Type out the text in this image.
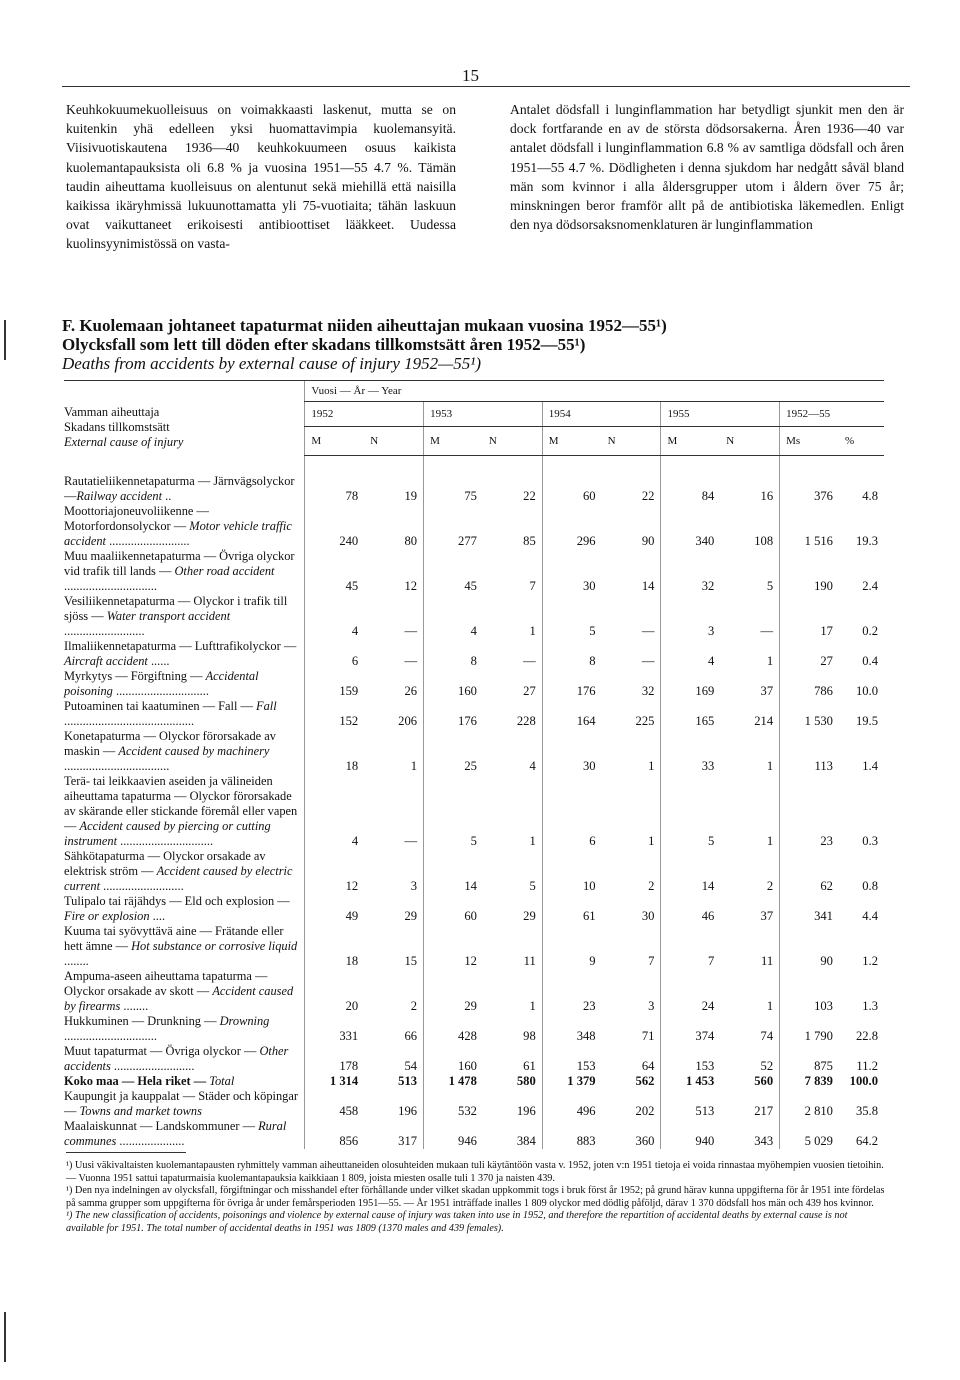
15

Keuhkokuumekuolleisuus on voimakkaasti laskenut, mutta se on kuitenkin yhä edelleen yksi huomattavimpia kuolemansyitä. Viisivuotiskautena 1936—40 keuhkokuumeen osuus kaikista kuolemantapauksista oli 6.8 % ja vuosina 1951—55 4.7 %. Tämän taudin aiheuttama kuolleisuus on alentunut sekä miehillä että naisilla kaikissa ikäryhmissä lukuunottamatta yli 75-vuotiaita; tähän laskuun ovat vaikuttaneet erikoisesti antibioottiset lääkkeet. Uudessa kuolinsyynimistössä on vasta-

Antalet dödsfall i lunginflammation har betydligt sjunkit men den är dock fortfarande en av de största dödsorsakerna. Åren 1936—40 var antalet dödsfall i lunginflammation 6.8 % av samtliga dödsfall och åren 1951—55 4.7 %. Dödligheten i denna sjukdom har nedgått såväl bland män som kvinnor i alla åldersgrupper utom i åldern över 75 år; minskningen beror framför allt på de antibiotiska läkemedlen. Enligt den nya dödsorsaksnomenklaturen är lunginflammation

F. Kuolemaan johtaneet tapaturmat niiden aiheuttajan mukaan vuosina 1952—55¹)
Olycksfall som lett till döden efter skadans tillkomstsätt åren 1952—55¹)
Deaths from accidents by external cause of injury 1952—55¹)
Vamman aiheuttaja
Skadans tillkomstsätt
External cause of injury	Vuosi — År — Year									
	1952		1953		1954		1955		1952—55	
	M	N	M	N	M	N	M	N	Ms	%
Rautatieliikennetapaturma — Järnvägsolyckor —Railway accident ..	78	19	75	22	60	22	84	16	376	4.8
Moottoriajoneuvoliikenne — Motorfordonsolyckor — Motor vehicle traffic accident ..........................	240	80	277	85	296	90	340	108	1 516	19.3
Muu maaliikennetapaturma — Övriga olyckor vid trafik till lands — Other road accident ..............................	45	12	45	7	30	14	32	5	190	2.4
Vesiliikennetapaturma — Olyckor i trafik till sjöss — Water transport accident ..........................	4	—	4	1	5	—	3	—	17	0.2
Ilmaliikennetapaturma — Lufttrafikolyckor — Aircraft accident ......	6	—	8	—	8	—	4	1	27	0.4
Myrkytys — Förgiftning — Accidental poisoning ..............................	159	26	160	27	176	32	169	37	786	10.0
Putoaminen tai kaatuminen — Fall — Fall ..........................................	152	206	176	228	164	225	165	214	1 530	19.5
Konetapaturma — Olyckor förorsakade av maskin — Accident caused by machinery ..................................	18	1	25	4	30	1	33	1	113	1.4
Terä- tai leikkaavien aseiden ja välineiden aiheuttama tapaturma — Olyckor förorsakade av skärande eller stickande föremål eller vapen — Accident caused by piercing or cutting instrument ..............................	4	—	5	1	6	1	5	1	23	0.3
Sähkötapaturma — Olyckor orsakade av elektrisk ström — Accident caused by electric current ..........................	12	3	14	5	10	2	14	2	62	0.8
Tulipalo tai räjähdys — Eld och explosion — Fire or explosion ....	49	29	60	29	61	30	46	37	341	4.4
Kuuma tai syövyttävä aine — Frätande eller hett ämne — Hot substance or corrosive liquid ........	18	15	12	11	9	7	7	11	90	1.2
Ampuma-aseen aiheuttama tapaturma — Olyckor orsakade av skott — Accident caused by firearms ........	20	2	29	1	23	3	24	1	103	1.3
Hukkuminen — Drunkning — Drowning ..............................	331	66	428	98	348	71	374	74	1 790	22.8
Muut tapaturmat — Övriga olyckor — Other accidents ..........................	178	54	160	61	153	64	153	52	875	11.2
Koko maa — Hela riket — Total	1 314	513	1 478	580	1 379	562	1 453	560	7 839	100.0
Kaupungit ja kauppalat — Städer och köpingar — Towns and market towns	458	196	532	196	496	202	513	217	2 810	35.8
Maalaiskunnat — Landskommuner — Rural communes .....................	856	317	946	384	883	360	940	343	5 029	64.2

¹) Uusi väkivaltaisten kuolemantapausten ryhmittely vamman aiheuttaneiden olosuhteiden mukaan tuli käytäntöön vasta v. 1952, joten v:n 1951 tietoja ei voida rinnastaa myöhempien vuosien tietoihin. — Vuonna 1951 sattui tapaturmaisia kuolemantapauksia kaikkiaan 1 809, joista miesten osalle tuli 1 370 ja naisten 439.

¹) Den nya indelningen av olycksfall, förgiftningar och misshandel efter förhållande under vilket skadan uppkommit togs i bruk först år 1952; på grund härav kunna uppgifterna för år 1951 inte fördelas på samma grupper som uppgifterna för övriga år under femårsperioden 1951—55. — År 1951 inträffade inalles 1 809 olyckor med dödlig påföljd, därav 1 370 dödsfall hos män och 439 hos kvinnor.

¹) The new classification of accidents, poisonings and violence by external cause of injury was taken into use in 1952, and therefore the repartition of accidental deaths by external cause is not available for 1951. The total number of accidental deaths in 1951 was 1809 (1370 males and 439 females).
